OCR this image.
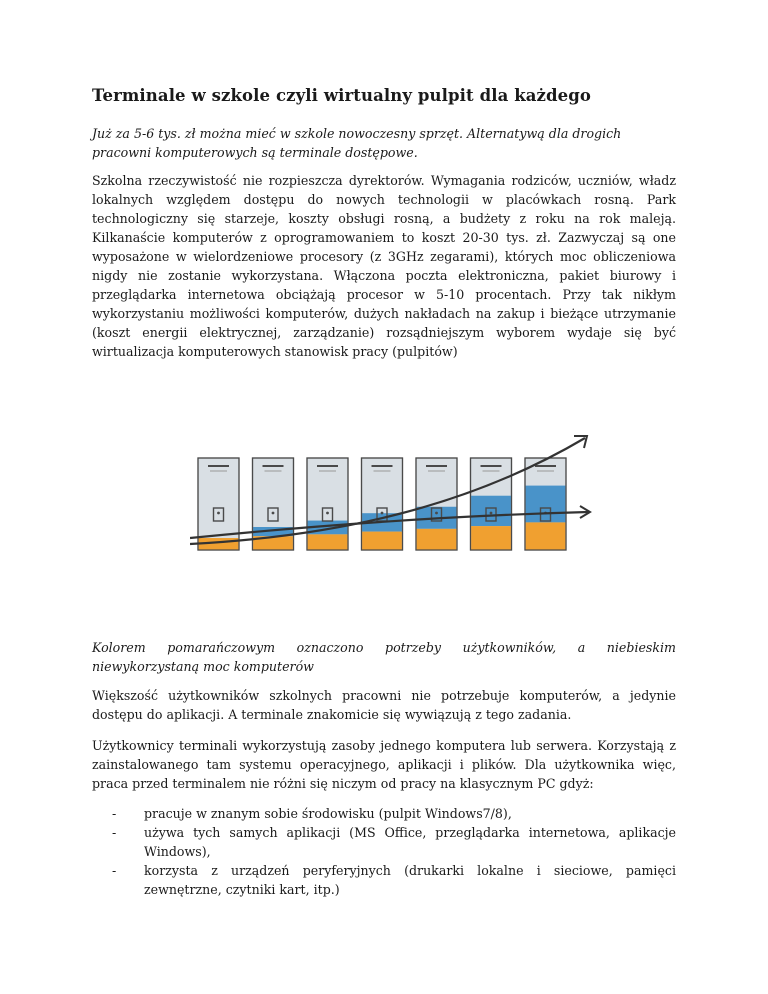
Terminale w szkole czyli wirtualny pulpit dla każdego

Już za 5-6 tys. zł można mieć w szkole nowoczesny sprzęt. Alternatywą dla drogich pracowni komputerowych są terminale dostępowe.

Szkolna rzeczywistość nie rozpieszcza dyrektorów. Wymagania rodziców, uczniów, władz lokalnych względem dostępu do nowych technologii w placówkach rosną. Park technologiczny się starzeje, koszty obsługi rosną, a budżety z roku na rok maleją. Kilkanaście komputerów z oprogramowaniem to koszt 20-30 tys. zł. Zazwyczaj są one wyposażone w wielordzeniowe procesory (z 3GHz zegarami), których moc obliczeniowa nigdy nie zostanie wykorzystana. Włączona poczta elektroniczna, pakiet biurowy i przeglądarka internetowa obciążają procesor w 5-10 procentach. Przy tak nikłym wykorzystaniu możliwości komputerów, dużych nakładach na zakup i bieżące utrzymanie (koszt energii elektrycznej, zarządzanie) rozsądniejszym wyborem wydaje się być wirtualizacja komputerowych stanowisk pracy (pulpitów)

Kolorem pomarańczowym oznaczono potrzeby użytkowników, a niebieskim
niewykorzystaną moc komputerów

Większość użytkowników szkolnych pracowni nie potrzebuje komputerów, a jedynie dostępu do aplikacji. A terminale znakomicie się wywiązują z tego zadania.

Użytkownicy terminali wykorzystują zasoby jednego komputera lub serwera. Korzystają z zainstalowanego tam systemu operacyjnego, aplikacji i plików. Dla użytkownika więc, praca przed terminalem nie różni się niczym od pracy na klasycznym PC gdyż:

- pracuje w znanym sobie środowisku (pulpit Windows7/8),
- używa tych samych aplikacji (MS Office, przeglądarka internetowa, aplikacje Windows),
- korzysta z urządzeń peryferyjnych (drukarki lokalne i sieciowe, pamięci zewnętrzne, czytniki kart, itp.)
